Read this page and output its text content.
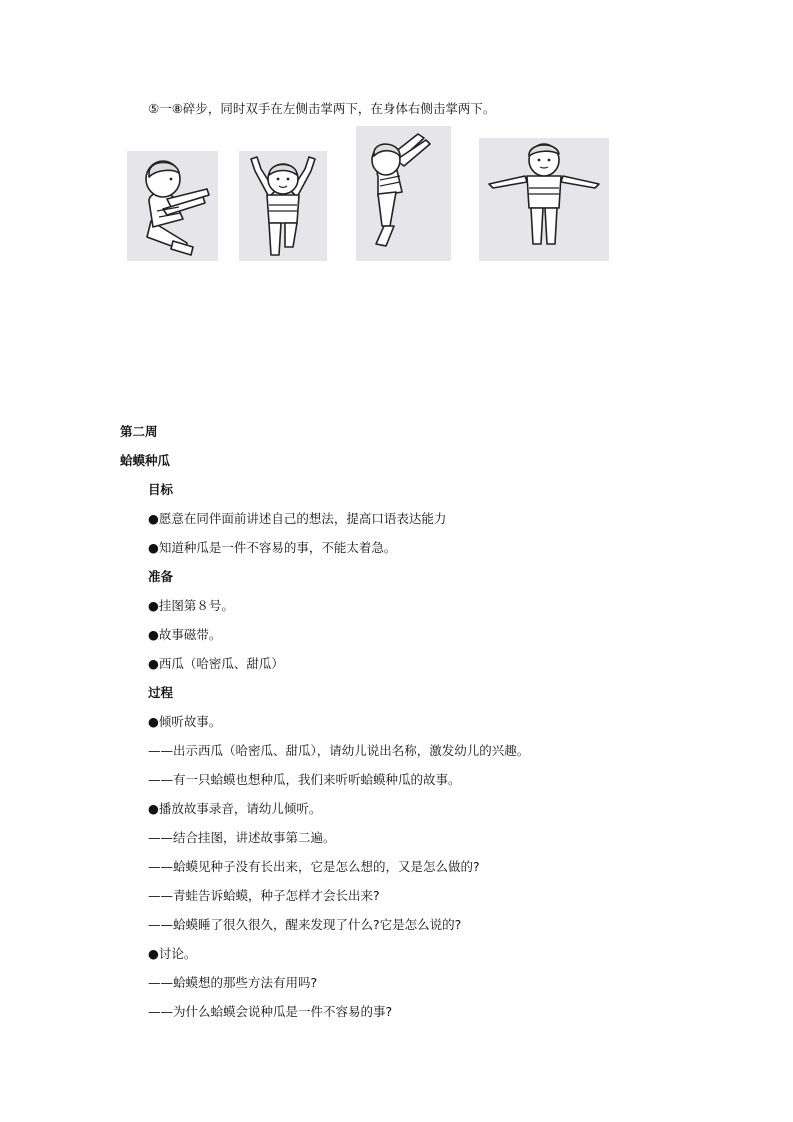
⑤一⑧碎步，同时双手在左侧击掌两下，在身体右侧击掌两下。
第二周
蛤蟆种瓜
目标
●愿意在同伴面前讲述自己的想法，提高口语表达能力
●知道种瓜是一件不容易的事，不能太着急。
准备
●挂图第８号。
●故事磁带。
●西瓜（哈密瓜、甜瓜）
过程
●倾听故事。
——出示西瓜（哈密瓜、甜瓜），请幼儿说出名称，激发幼儿的兴趣。
——有一只蛤蟆也想种瓜，我们来听听蛤蟆种瓜的故事。
●播放故事录音，请幼儿倾听。
——结合挂图，讲述故事第二遍。
——蛤蟆见种子没有长出来，它是怎么想的，又是怎么做的?
——青蛙告诉蛤蟆，种子怎样才会长出来?
——蛤蟆睡了很久很久，醒来发现了什么?它是怎么说的?
●讨论。
——蛤蟆想的那些方法有用吗?
——为什么蛤蟆会说种瓜是一件不容易的事?
